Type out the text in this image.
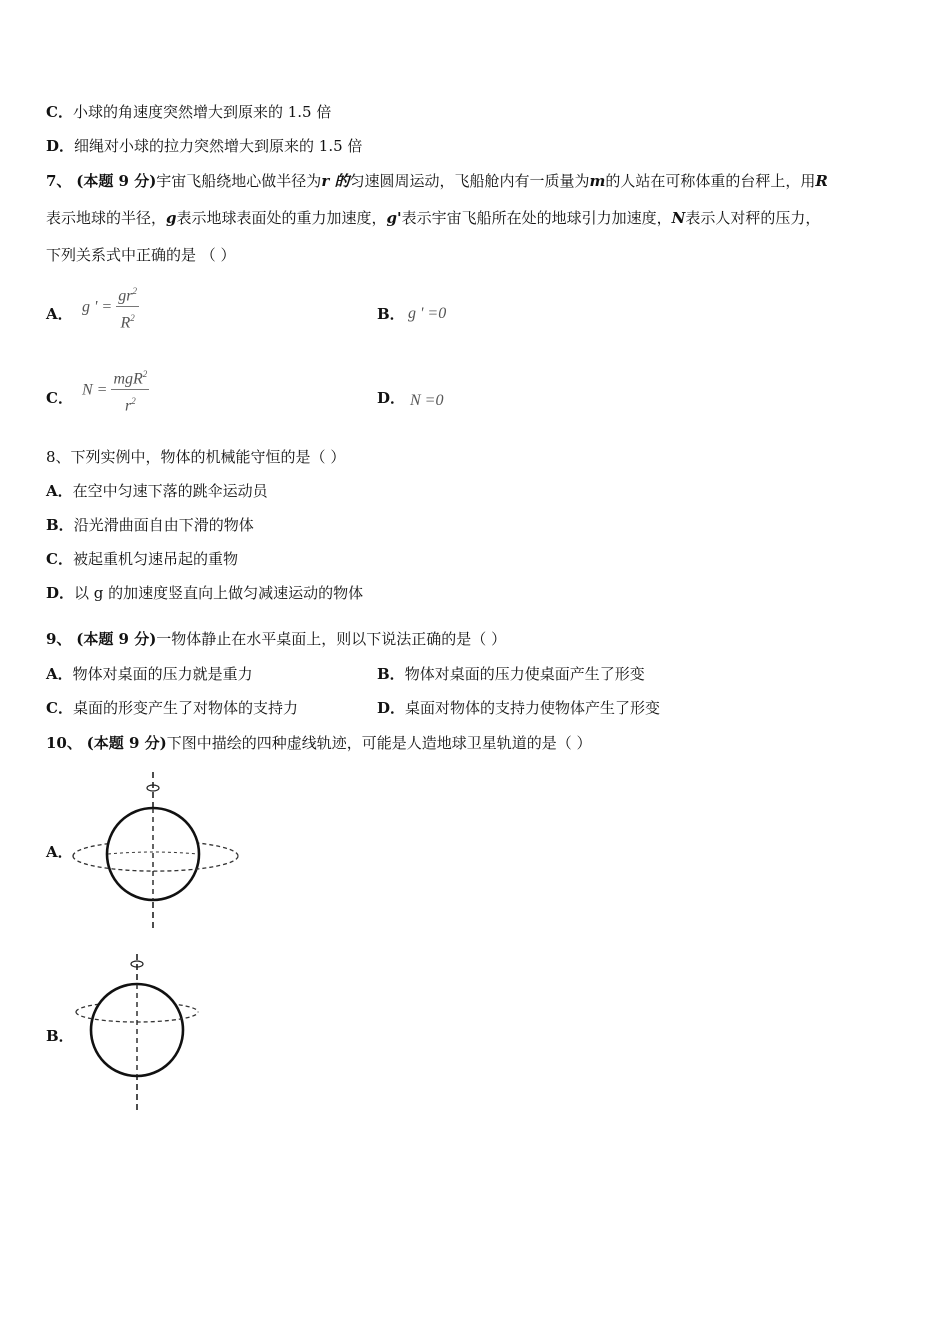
C．小球的角速度突然增大到原来的 1.5 倍
D．细绳对小球的拉力突然增大到原来的 1.5 倍
7、 (本题 9 分)宇宙飞船绕地心做半径为r 的匀速圆周运动，飞船舱内有一质量为m的人站在可称体重的台秤上，用R
表示地球的半径，g表示地球表面处的重力加速度，g'表示宇宙飞船所在处的地球引力加速度，N表示人对秤的压力，
下列关系式中正确的是 （ ）
A． g ' = $\frac{gr^2}{R^2}$	B． g ' =0
C． $N = \frac{mgR^2}{r^2}$	D． N =0
8、下列实例中，物体的机械能守恒的是（ ）
A．在空中匀速下落的跳伞运动员
B．沿光滑曲面自由下滑的物体
C．被起重机匀速吊起的重物
D．以 g 的加速度竖直向上做匀减速运动的物体
9、 (本题 9 分)一物体静止在水平桌面上，则以下说法正确的是（ ）
A．物体对桌面的压力就是重力	B．物体对桌面的压力使桌面产生了形变
C．桌面的形变产生了对物体的支持力	D．桌面对物体的支持力使物体产生了形变
10、 (本题 9 分)下图中描绘的四种虚线轨迹，可能是人造地球卫星轨道的是（ ）
A．
B．
